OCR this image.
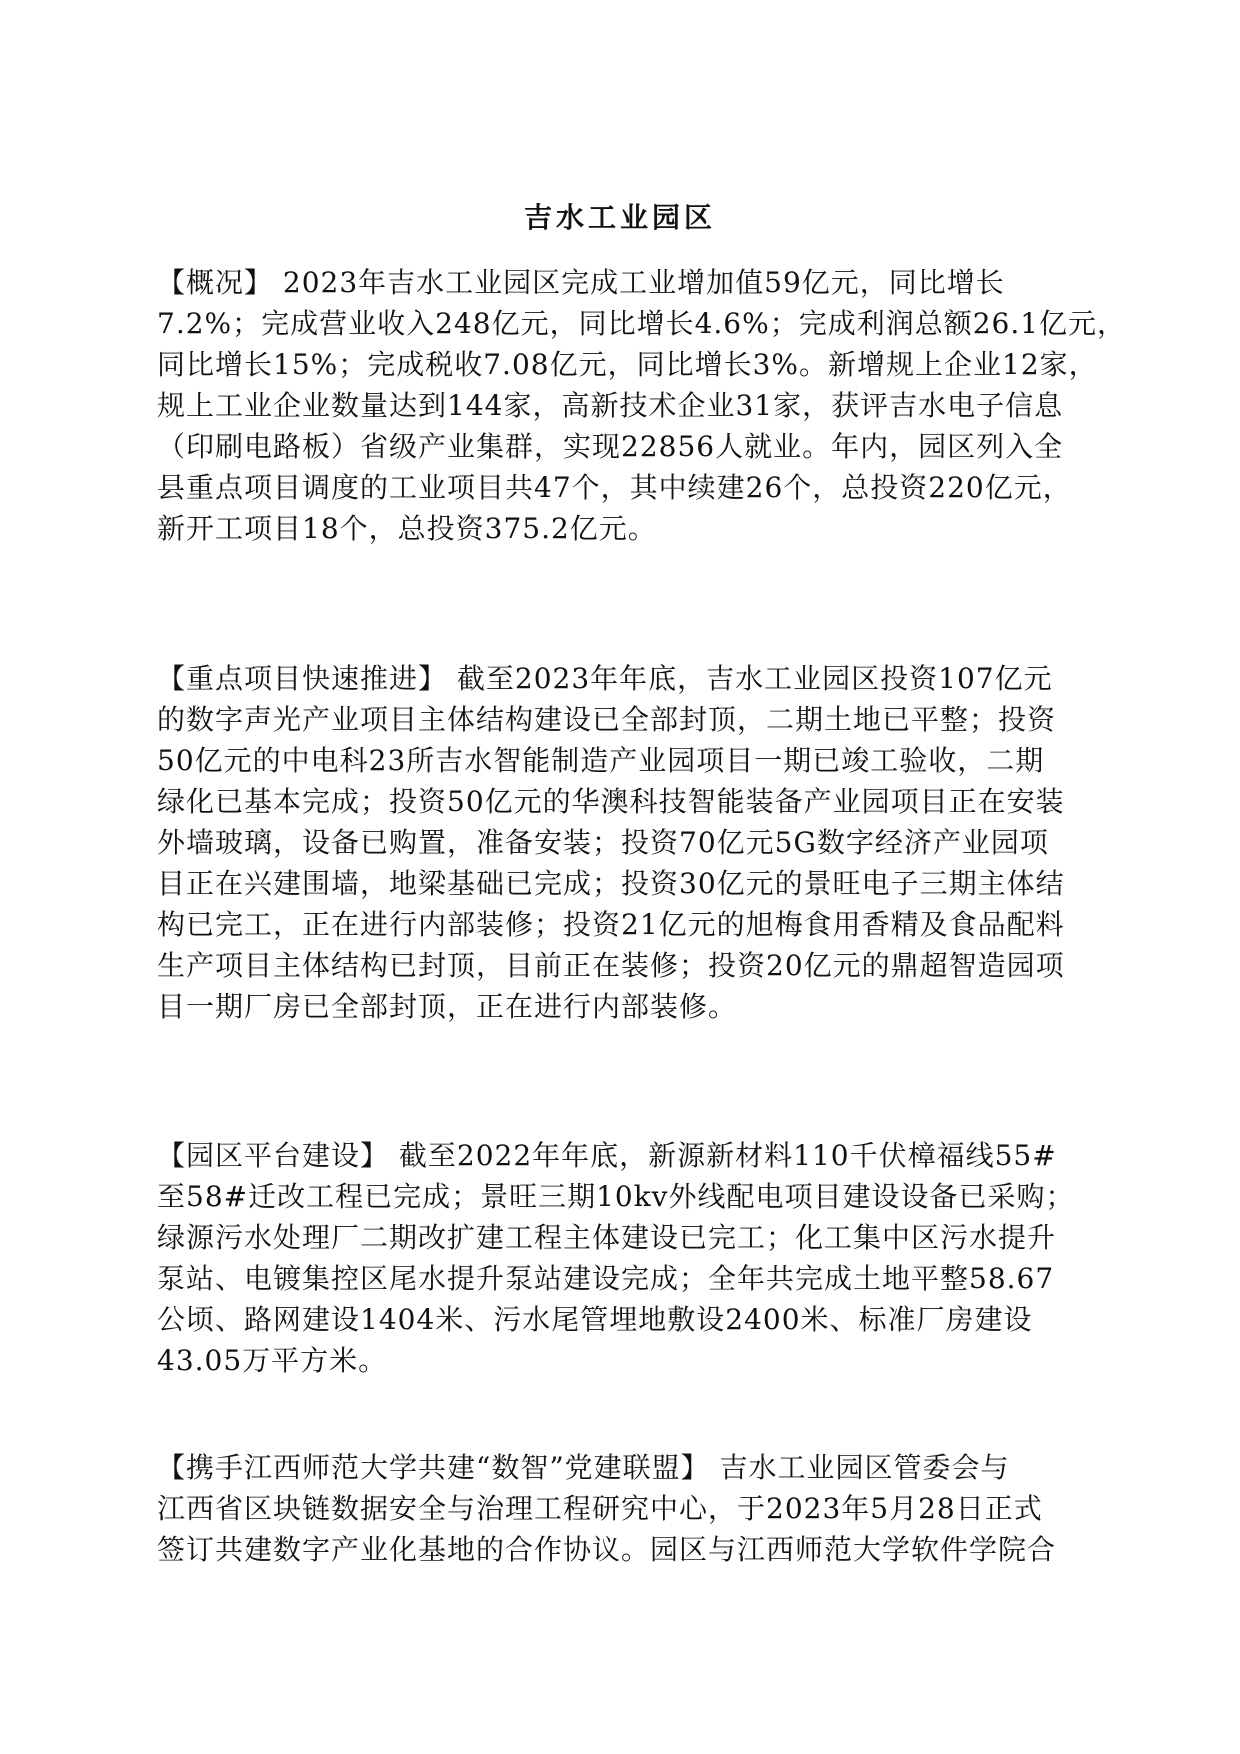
吉水工业园区
【概况】 2023年吉水工业园区完成工业增加值59亿元，同比增长
7.2%；完成营业收入248亿元，同比增长4.6%；完成利润总额26.1亿元，
同比增长15%；完成税收7.08亿元，同比增长3%。新增规上企业12家，
规上工业企业数量达到144家，高新技术企业31家，获评吉水电子信息
（印刷电路板）省级产业集群，实现22856人就业。年内，园区列入全
县重点项目调度的工业项目共47个，其中续建26个，总投资220亿元，
新开工项目18个，总投资375.2亿元。
【重点项目快速推进】 截至2023年年底，吉水工业园区投资107亿元
的数字声光产业项目主体结构建设已全部封顶，二期土地已平整；投资
50亿元的中电科23所吉水智能制造产业园项目一期已竣工验收，二期
绿化已基本完成；投资50亿元的华澳科技智能装备产业园项目正在安装
外墙玻璃，设备已购置，准备安装；投资70亿元5G数字经济产业园项
目正在兴建围墙，地梁基础已完成；投资30亿元的景旺电子三期主体结
构已完工，正在进行内部装修；投资21亿元的旭梅食用香精及食品配料
生产项目主体结构已封顶，目前正在装修；投资20亿元的鼎超智造园项
目一期厂房已全部封顶，正在进行内部装修。
【园区平台建设】 截至2022年年底，新源新材料110千伏樟福线55#
至58#迁改工程已完成；景旺三期10kv外线配电项目建设设备已采购；
绿源污水处理厂二期改扩建工程主体建设已完工；化工集中区污水提升
泵站、电镀集控区尾水提升泵站建设完成；全年共完成土地平整58.67
公顷、路网建设1404米、污水尾管埋地敷设2400米、标准厂房建设
43.05万平方米。
【携手江西师范大学共建“数智”党建联盟】 吉水工业园区管委会与
江西省区块链数据安全与治理工程研究中心，于2023年5月28日正式
签订共建数字产业化基地的合作协议。园区与江西师范大学软件学院合
